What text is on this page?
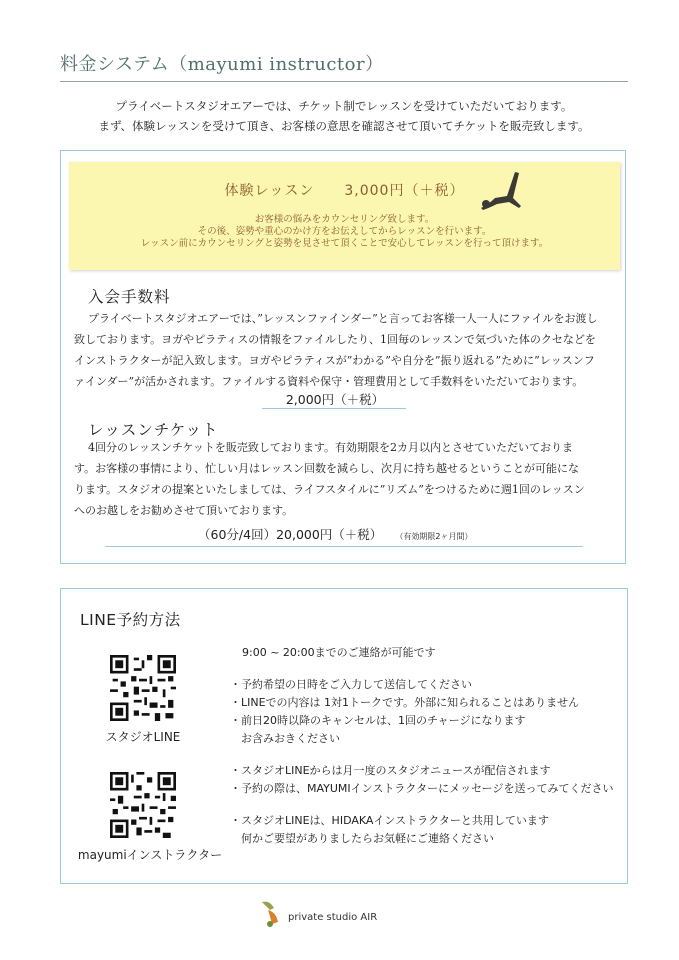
料金システム（mayumi instructor）
プライベートスタジオエアーでは、チケット制でレッスンを受けていただいております。
まず、体験レッスンを受けて頂き、お客様の意思を確認させて頂いてチケットを販売致します。
体験レッスン　　3,000円（＋税）
お客様の悩みをカウンセリング致します。
その後、姿勢や重心のかけ方をお伝えしてからレッスンを行います。
レッスン前にカウンセリングと姿勢を見させて頂くことで安心してレッスンを行って頂けます。
入会手数料
プライベートスタジオエアーでは、”レッスンファインダー”と言ってお客様一人一人にファイルをお渡し
致しております。ヨガやピラティスの情報をファイルしたり、1回毎のレッスンで気づいた体のクセなどを
インストラクターが記入致します。ヨガやピラティスが”わかる”や自分を”振り返れる”ために”レッスンフ
ァインダー”が活かされます。ファイルする資料や保守・管理費用として手数料をいただいております。
2,000円（＋税）
レッスンチケット
4回分のレッスンチケットを販売致しております。有効期限を2カ月以内とさせていただいておりま
す。お客様の事情により、忙しい月はレッスン回数を減らし、次月に持ち越せるということが可能にな
ります。スタジオの提案といたしましては、ライフスタイルに”リズム”をつけるために週1回のレッスン
へのお越しをお勧めさせて頂いております。
（60分/4回）20,000円（＋税） （有効期限2ヶ月間）
LINE予約方法
スタジオLINE
mayumiインストラクター
9:00 ~ 20:00までのご連絡が可能です
・予約希望の日時をご入力して送信してください
・LINEでの内容は 1対1トークです。外部に知られることはありません
・前日20時以降のキャンセルは、1回のチャージになります
　お含みおきください
・スタジオLINEからは月一度のスタジオニュースが配信されます
・予約の際は、MAYUMIインストラクターにメッセージを送ってみてください
・スタジオLINEは、HIDAKAインストラクターと共用しています
　何かご要望がありましたらお気軽にご連絡ください
private studio AIR
